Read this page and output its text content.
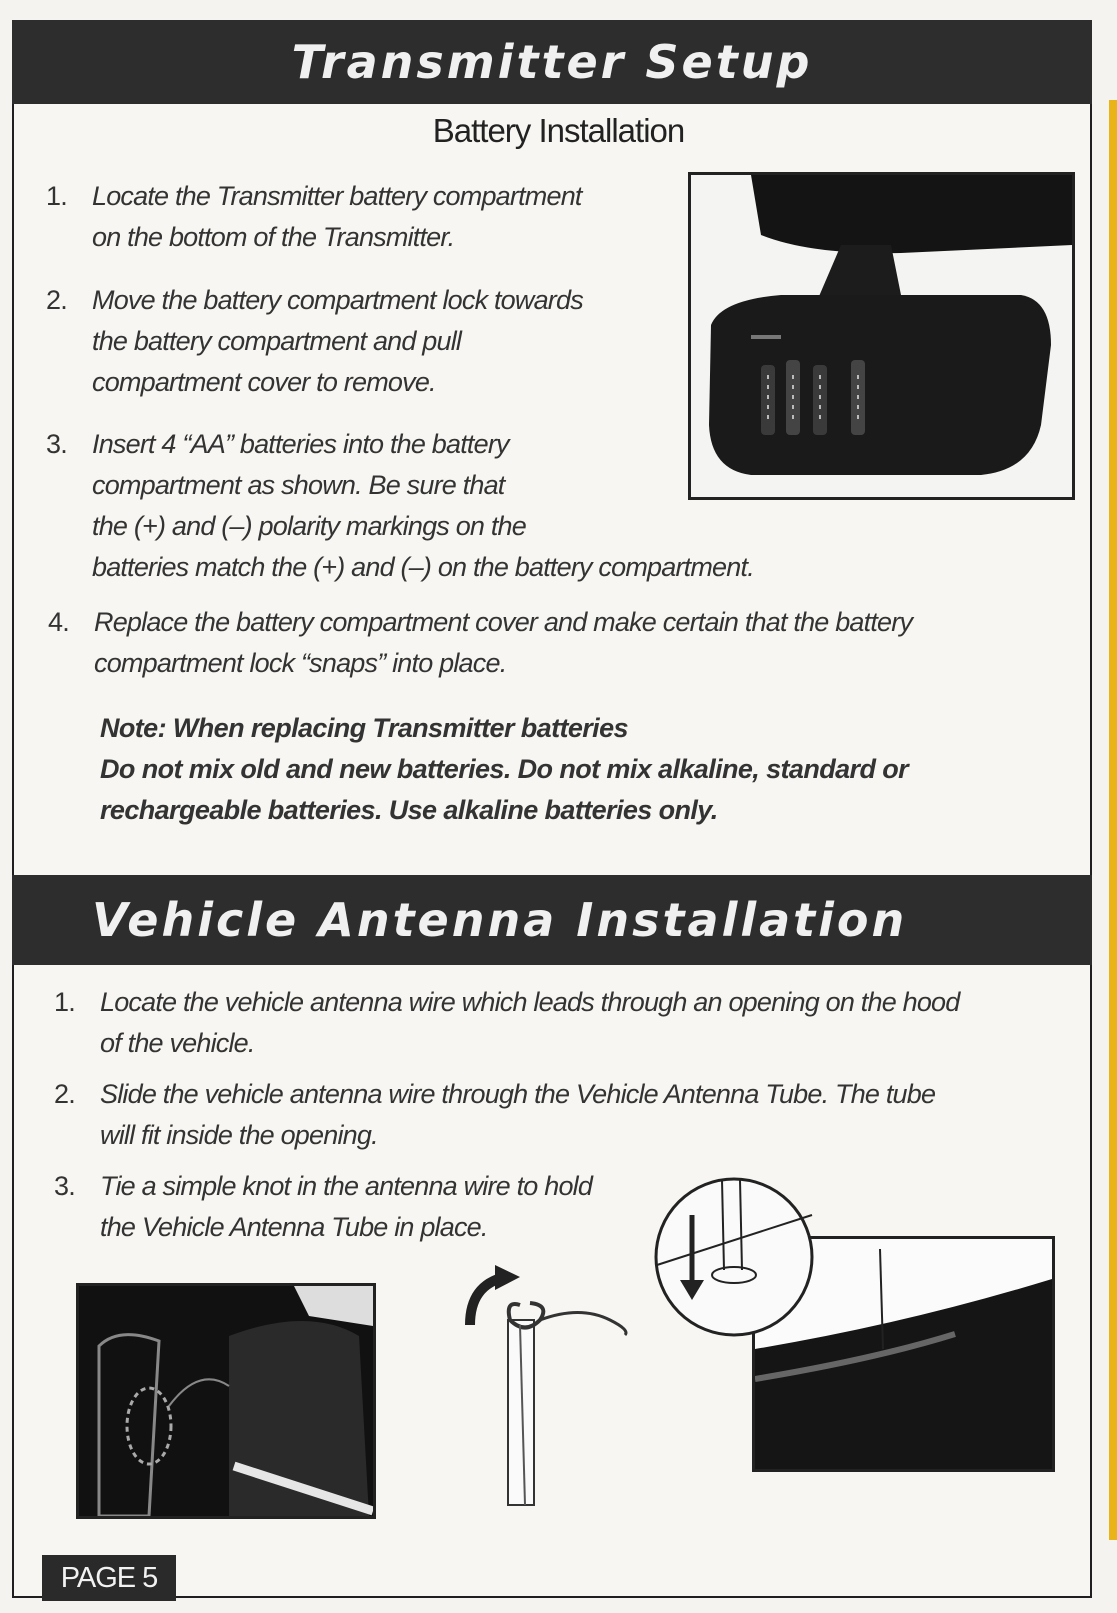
Transmitter Setup
Battery Installation
1. Locate the Transmitter battery compartment
on the bottom of the Transmitter.
2. Move the battery compartment lock towards
the battery compartment and pull
compartment cover to remove.
3. Insert 4 “AA” batteries into the battery
compartment as shown. Be sure that
the (+) and (–) polarity markings on the
batteries match the (+) and (–) on the battery compartment.
4. Replace the battery compartment cover and make certain that the battery
compartment lock “snaps” into place.
Note: When replacing Transmitter batteries
Do not mix old and new batteries. Do not mix alkaline, standard or
rechargeable batteries. Use alkaline batteries only.
Vehicle Antenna Installation
1. Locate the vehicle antenna wire which leads through an opening on the hood
of the vehicle.
2. Slide the vehicle antenna wire through the Vehicle Antenna Tube. The tube
will fit inside the opening.
3. Tie a simple knot in the antenna wire to hold
the Vehicle Antenna Tube in place.
PAGE 5
